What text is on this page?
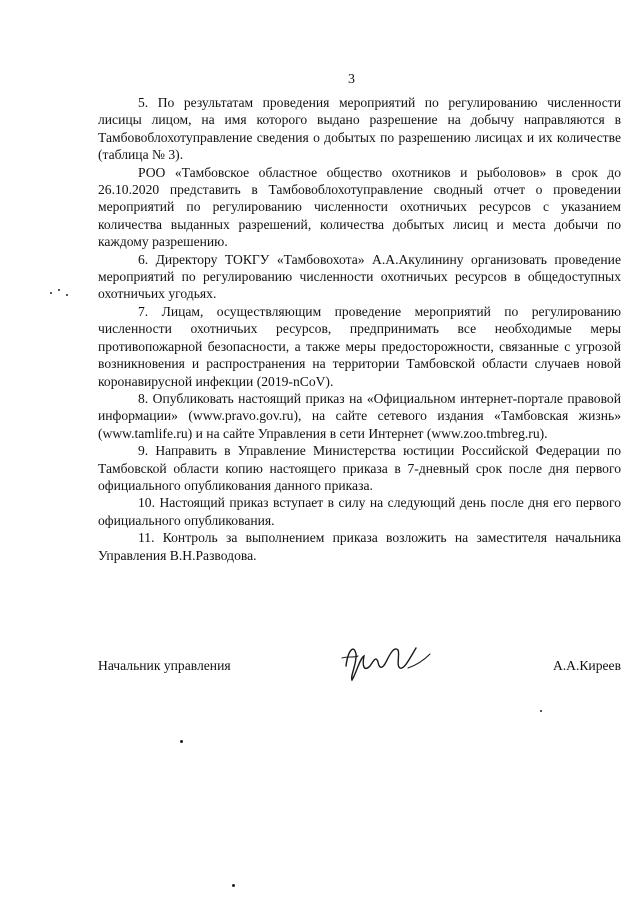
3

5. По результатам проведения мероприятий по регулированию численности лисицы лицом, на имя которого выдано разрешение на добычу направляются в Тамбовоблохотуправление сведения о добытых по разрешению лисицах и их количестве (таблица № 3).

РОО «Тамбовское областное общество охотников и рыболовов» в срок до 26.10.2020 представить в Тамбовоблохотуправление сводный отчет о проведении мероприятий по регулированию численности охотничьих ресурсов с указанием количества выданных разрешений, количества добытых лисиц и места добычи по каждому разрешению.

6. Директору ТОКГУ «Тамбовохота» А.А.Акулинину организовать проведение мероприятий по регулированию численности охотничьих ресурсов в общедоступных охотничьих угодьях.

7. Лицам, осуществляющим проведение мероприятий по регулированию численности охотничьих ресурсов, предпринимать все необходимые меры противопожарной безопасности, а также меры предосторожности, связанные с угрозой возникновения и распространения на территории Тамбовской области случаев новой коронавирусной инфекции (2019-nCoV).

8. Опубликовать настоящий приказ на «Официальном интернет-портале правовой информации» (www.pravo.gov.ru), на сайте сетевого издания «Тамбовская жизнь» (www.tamlife.ru) и на сайте Управления в сети Интернет (www.zoo.tmbreg.ru).

9. Направить в Управление Министерства юстиции Российской Федерации по Тамбовской области копию настоящего приказа в 7-дневный срок после дня первого официального опубликования данного приказа.

10. Настоящий приказ вступает в силу на следующий день после дня его первого официального опубликования.

11. Контроль за выполнением приказа возложить на заместителя начальника Управления В.Н.Разводова.

Начальник управления	А.А.Киреев
